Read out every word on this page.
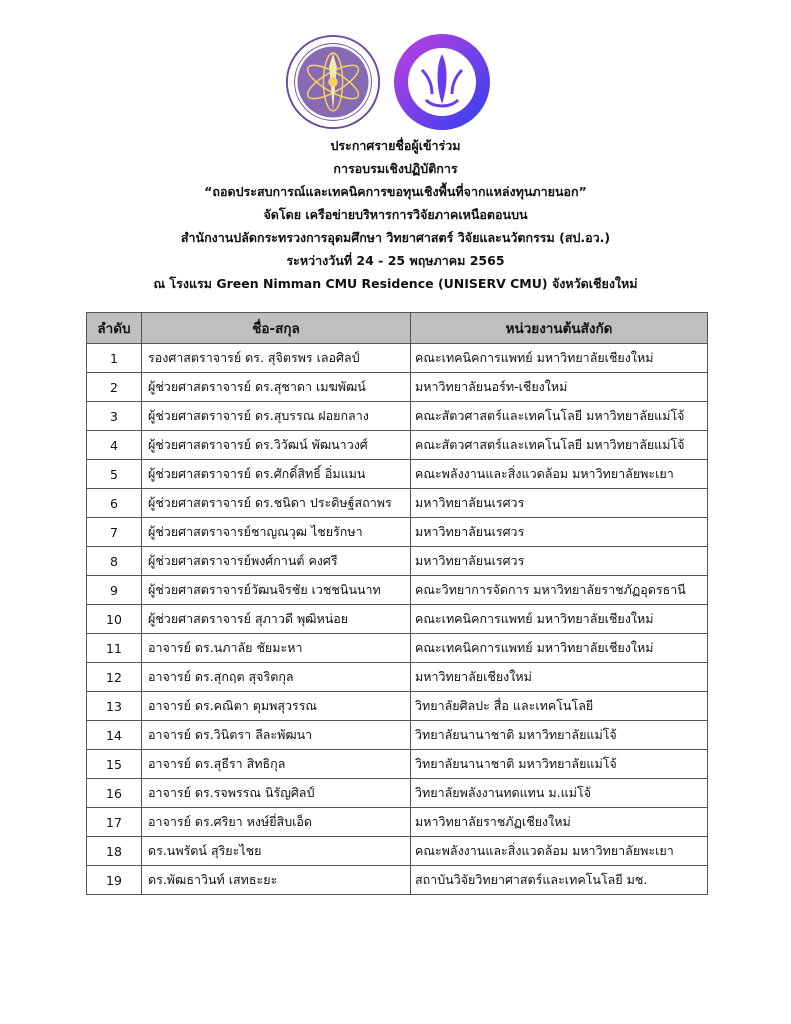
ประกาศรายชื่อผู้เข้าร่วม
การอบรมเชิงปฏิบัติการ
“ถอดประสบการณ์และเทคนิคการขอทุนเชิงพื้นที่จากแหล่งทุนภายนอก”
จัดโดย เครือข่ายบริหารการวิจัยภาคเหนือตอนบน
สำนักงานปลัดกระทรวงการอุดมศึกษา วิทยาศาสตร์ วิจัยและนวัตกรรม (สป.อว.)
ระหว่างวันที่ 24 - 25 พฤษภาคม 2565
ณ โรงแรม Green Nimman CMU Residence (UNISERV CMU) จังหวัดเชียงใหม่
ลำดับ	ชื่อ-สกุล	หน่วยงานต้นสังกัด
1	รองศาสตราจารย์ ดร. สุจิตรพร เลอศิลป์	คณะเทคนิคการแพทย์ มหาวิทยาลัยเชียงใหม่
2	ผู้ช่วยศาสตราจารย์ ดร.สุชาดา เมฆพัฒน์	มหาวิทยาลัยนอร์ท-เชียงใหม่
3	ผู้ช่วยศาสตราจารย์ ดร.สุบรรณ ฝอยกลาง	คณะสัตวศาสตร์และเทคโนโลยี มหาวิทยาลัยแม่โจ้
4	ผู้ช่วยศาสตราจารย์ ดร.วิวัฒน์ พัฒนาวงศ์	คณะสัตวศาสตร์และเทคโนโลยี มหาวิทยาลัยแม่โจ้
5	ผู้ช่วยศาสตราจารย์ ดร.ศักดิ์สิทธิ์ อิ่มแมน	คณะพลังงานและสิ่งแวดล้อม มหาวิทยาลัยพะเยา
6	ผู้ช่วยศาสตราจารย์ ดร.ชนิดา ประดิษฐ์สถาพร	มหาวิทยาลัยนเรศวร
7	ผู้ช่วยศาสตราจารย์ชาญณวุฒ ไชยรักษา	มหาวิทยาลัยนเรศวร
8	ผู้ช่วยศาสตราจารย์พงศ์กานต์ คงศรี	มหาวิทยาลัยนเรศวร
9	ผู้ช่วยศาสตราจารย์วัฒนจิรชัย เวชชนินนาท	คณะวิทยาการจัดการ มหาวิทยาลัยราชภัฏอุดรธานี
10	ผู้ช่วยศาสตราจารย์ สุภาวดี พุฒิหน่อย	คณะเทคนิคการแพทย์ มหาวิทยาลัยเชียงใหม่
11	อาจารย์ ดร.นภาลัย ชัยมะหา	คณะเทคนิคการแพทย์ มหาวิทยาลัยเชียงใหม่
12	อาจารย์ ดร.สุกฤต สุจริตกุล	มหาวิทยาลัยเชียงใหม่
13	อาจารย์ ดร.คณิตา ตุมพสุวรรณ	วิทยาลัยศิลปะ สื่อ และเทคโนโลยี
14	อาจารย์ ดร.วินิตรา ลีละพัฒนา	วิทยาลัยนานาชาติ มหาวิทยาลัยแม่โจ้
15	อาจารย์ ดร.สุธีรา สิทธิกุล	วิทยาลัยนานาชาติ มหาวิทยาลัยแม่โจ้
16	อาจารย์ ดร.รจพรรณ นิรัญศิลป์	วิทยาลัยพลังงานทดแทน ม.แม่โจ้
17	อาจารย์ ดร.ศริยา หงษ์ยี่สิบเอ็ด	มหาวิทยาลัยราชภัฏเชียงใหม่
18	ดร.นพรัตน์ สุริยะไชย	คณะพลังงานและสิ่งแวดล้อม มหาวิทยาลัยพะเยา
19	ดร.พัฒธาวินท์ เสทธะยะ	สถาบันวิจัยวิทยาศาสตร์และเทคโนโลยี มช.
